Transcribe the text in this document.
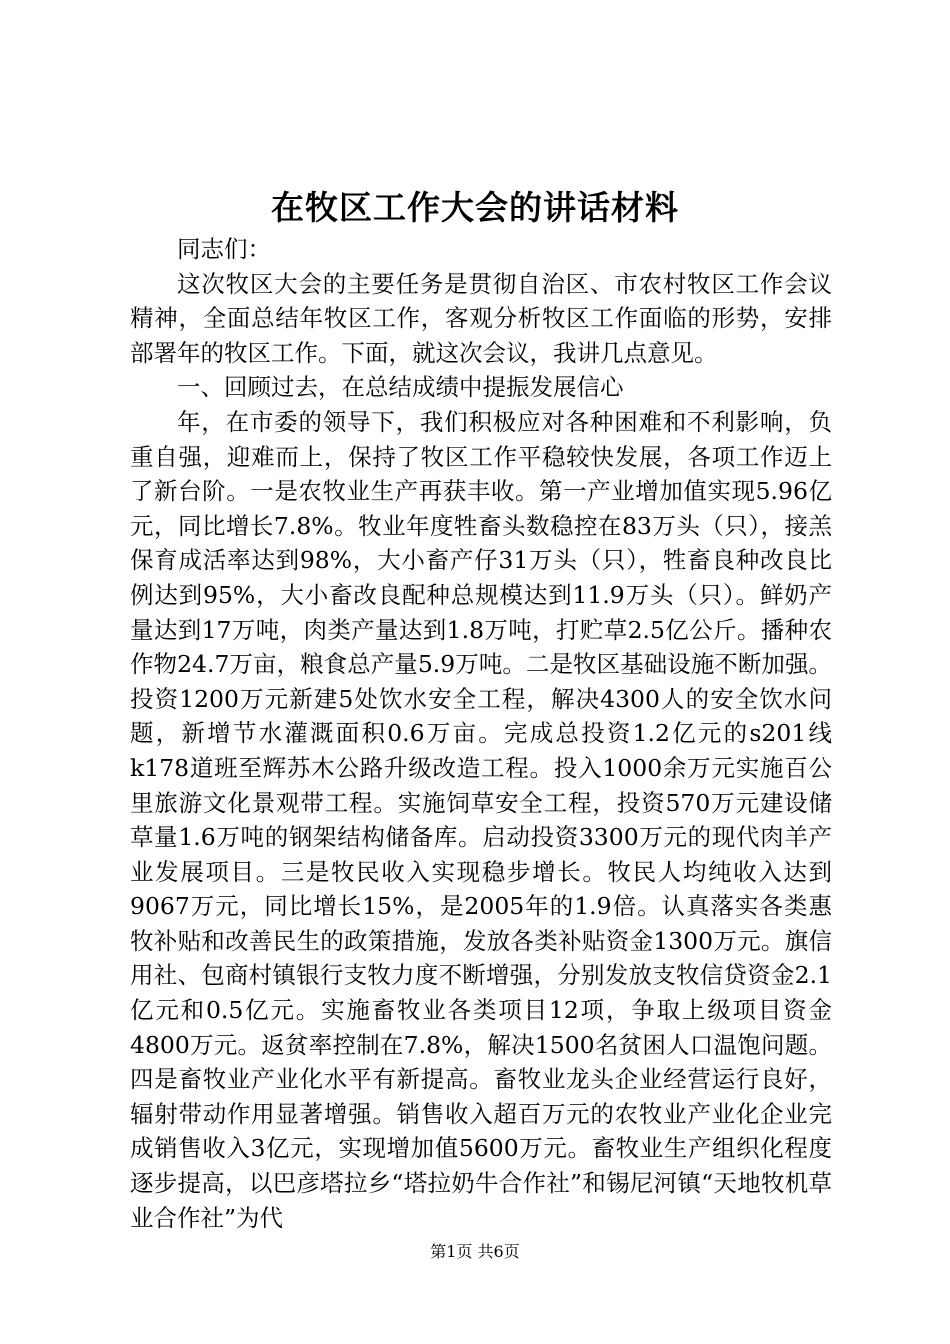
在牧区工作大会的讲话材料

同志们：

这次牧区大会的主要任务是贯彻自治区、市农村牧区工作会议精神，全面总结年牧区工作，客观分析牧区工作面临的形势，安排部署年的牧区工作。下面，就这次会议，我讲几点意见。

一、回顾过去，在总结成绩中提振发展信心

年，在市委的领导下，我们积极应对各种困难和不利影响，负重自强，迎难而上，保持了牧区工作平稳较快发展，各项工作迈上了新台阶。一是农牧业生产再获丰收。第一产业增加值实现5.96亿元，同比增长7.8%。牧业年度牲畜头数稳控在83万头（只），接羔保育成活率达到98%，大小畜产仔31万头（只），牲畜良种改良比例达到95%，大小畜改良配种总规模达到11.9万头（只）。鲜奶产量达到17万吨，肉类产量达到1.8万吨，打贮草2.5亿公斤。播种农作物24.7万亩，粮食总产量5.9万吨。二是牧区基础设施不断加强。投资1200万元新建5处饮水安全工程，解决4300人的安全饮水问题，新增节水灌溉面积0.6万亩。完成总投资1.2亿元的s201线k178道班至辉苏木公路升级改造工程。投入1000余万元实施百公里旅游文化景观带工程。实施饲草安全工程，投资570万元建设储草量1.6万吨的钢架结构储备库。启动投资3300万元的现代肉羊产业发展项目。三是牧民收入实现稳步增长。牧民人均纯收入达到9067万元，同比增长15%，是2005年的1.9倍。认真落实各类惠牧补贴和改善民生的政策措施，发放各类补贴资金1300万元。旗信用社、包商村镇银行支牧力度不断增强，分别发放支牧信贷资金2.1亿元和0.5亿元。实施畜牧业各类项目12项，争取上级项目资金4800万元。返贫率控制在7.8%，解决1500名贫困人口温饱问题。四是畜牧业产业化水平有新提高。畜牧业龙头企业经营运行良好，辐射带动作用显著增强。销售收入超百万元的农牧业产业化企业完成销售收入3亿元，实现增加值5600万元。畜牧业生产组织化程度逐步提高，以巴彦塔拉乡“塔拉奶牛合作社”和锡尼河镇“天地牧机草业合作社”为代

第1页 共6页
